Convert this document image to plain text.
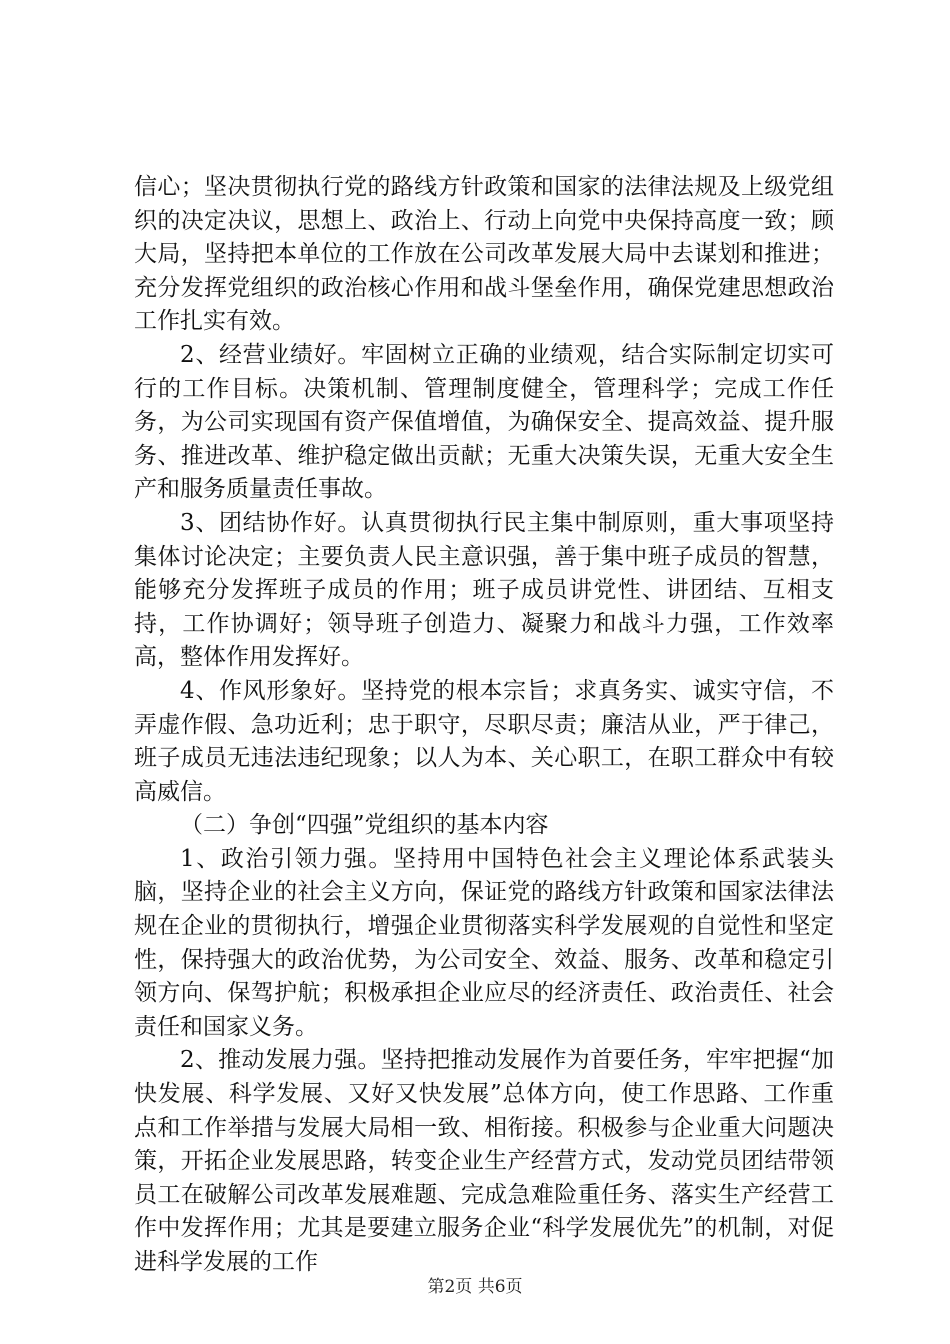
信心；坚决贯彻执行党的路线方针政策和国家的法律法规及上级党组织的决定决议，思想上、政治上、行动上向党中央保持高度一致；顾大局，坚持把本单位的工作放在公司改革发展大局中去谋划和推进；充分发挥党组织的政治核心作用和战斗堡垒作用，确保党建思想政治工作扎实有效。

2、经营业绩好。牢固树立正确的业绩观，结合实际制定切实可行的工作目标。决策机制、管理制度健全，管理科学；完成工作任务，为公司实现国有资产保值增值，为确保安全、提高效益、提升服务、推进改革、维护稳定做出贡献；无重大决策失误，无重大安全生产和服务质量责任事故。

3、团结协作好。认真贯彻执行民主集中制原则，重大事项坚持集体讨论决定；主要负责人民主意识强，善于集中班子成员的智慧，能够充分发挥班子成员的作用；班子成员讲党性、讲团结、互相支持，工作协调好；领导班子创造力、凝聚力和战斗力强，工作效率高，整体作用发挥好。

4、作风形象好。坚持党的根本宗旨；求真务实、诚实守信，不弄虚作假、急功近利；忠于职守，尽职尽责；廉洁从业，严于律己，班子成员无违法违纪现象；以人为本、关心职工，在职工群众中有较高威信。

（二）争创“四强”党组织的基本内容

1、政治引领力强。坚持用中国特色社会主义理论体系武装头脑，坚持企业的社会主义方向，保证党的路线方针政策和国家法律法规在企业的贯彻执行，增强企业贯彻落实科学发展观的自觉性和坚定性，保持强大的政治优势，为公司安全、效益、服务、改革和稳定引领方向、保驾护航；积极承担企业应尽的经济责任、政治责任、社会责任和国家义务。

2、推动发展力强。坚持把推动发展作为首要任务，牢牢把握“加快发展、科学发展、又好又快发展”总体方向，使工作思路、工作重点和工作举措与发展大局相一致、相衔接。积极参与企业重大问题决策，开拓企业发展思路，转变企业生产经营方式，发动党员团结带领员工在破解公司改革发展难题、完成急难险重任务、落实生产经营工作中发挥作用；尤其是要建立服务企业“科学发展优先”的机制，对促进科学发展的工作

第2页 共6页
